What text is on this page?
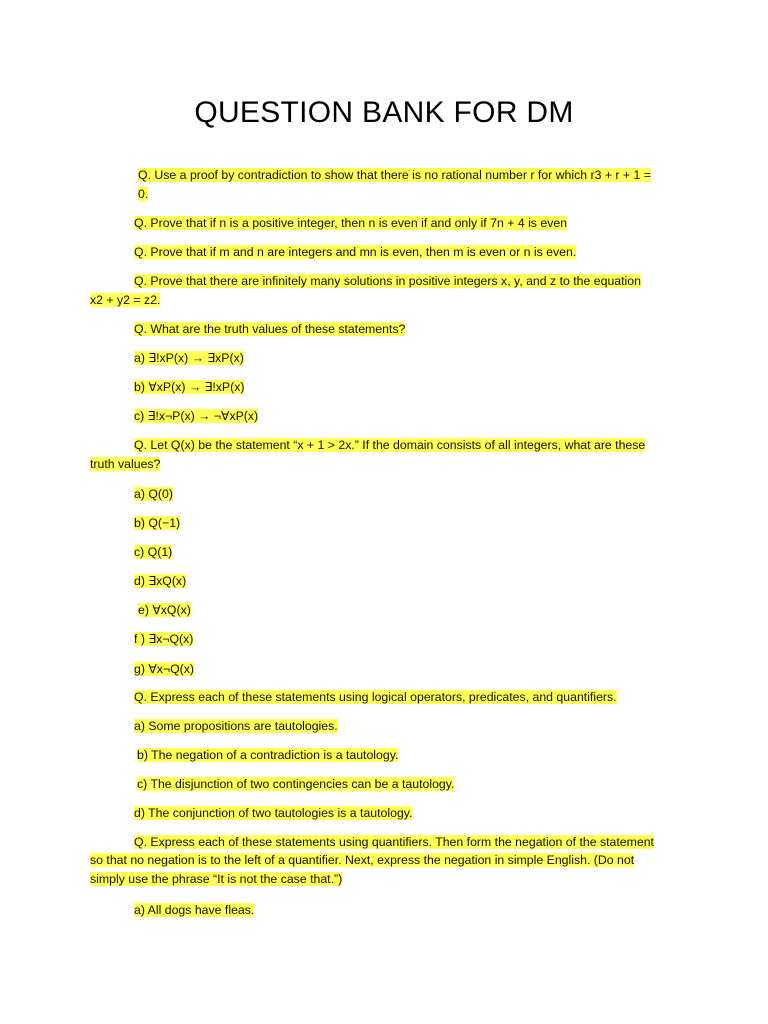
QUESTION BANK FOR DM
Q. Use a proof by contradiction to show that there is no rational number r for which r3 + r + 1 =
0.
Q. Prove that if n is a positive integer, then n is even if and only if 7n + 4 is even
Q. Prove that if m and n are integers and mn is even, then m is even or n is even.
Q. Prove that there are infinitely many solutions in positive integers x, y, and z to the equation
x2 + y2 = z2.
Q. What are the truth values of these statements?
a) ∃!xP(x) → ∃xP(x)
b) ∀xP(x) → ∃!xP(x)
c) ∃!x¬P(x) → ¬∀xP(x)
Q. Let Q(x) be the statement “x + 1 > 2x.” If the domain consists of all integers, what are these
truth values?
a) Q(0)
b) Q(−1)
c) Q(1)
d) ∃xQ(x)
e) ∀xQ(x)
f ) ∃x¬Q(x)
g) ∀x¬Q(x)
Q. Express each of these statements using logical operators, predicates, and quantifiers.
a) Some propositions are tautologies.
b) The negation of a contradiction is a tautology.
c) The disjunction of two contingencies can be a tautology.
d) The conjunction of two tautologies is a tautology.
Q. Express each of these statements using quantifiers. Then form the negation of the statement
so that no negation is to the left of a quantifier. Next, express the negation in simple English. (Do not
simply use the phrase “It is not the case that.”)
a) All dogs have fleas.
